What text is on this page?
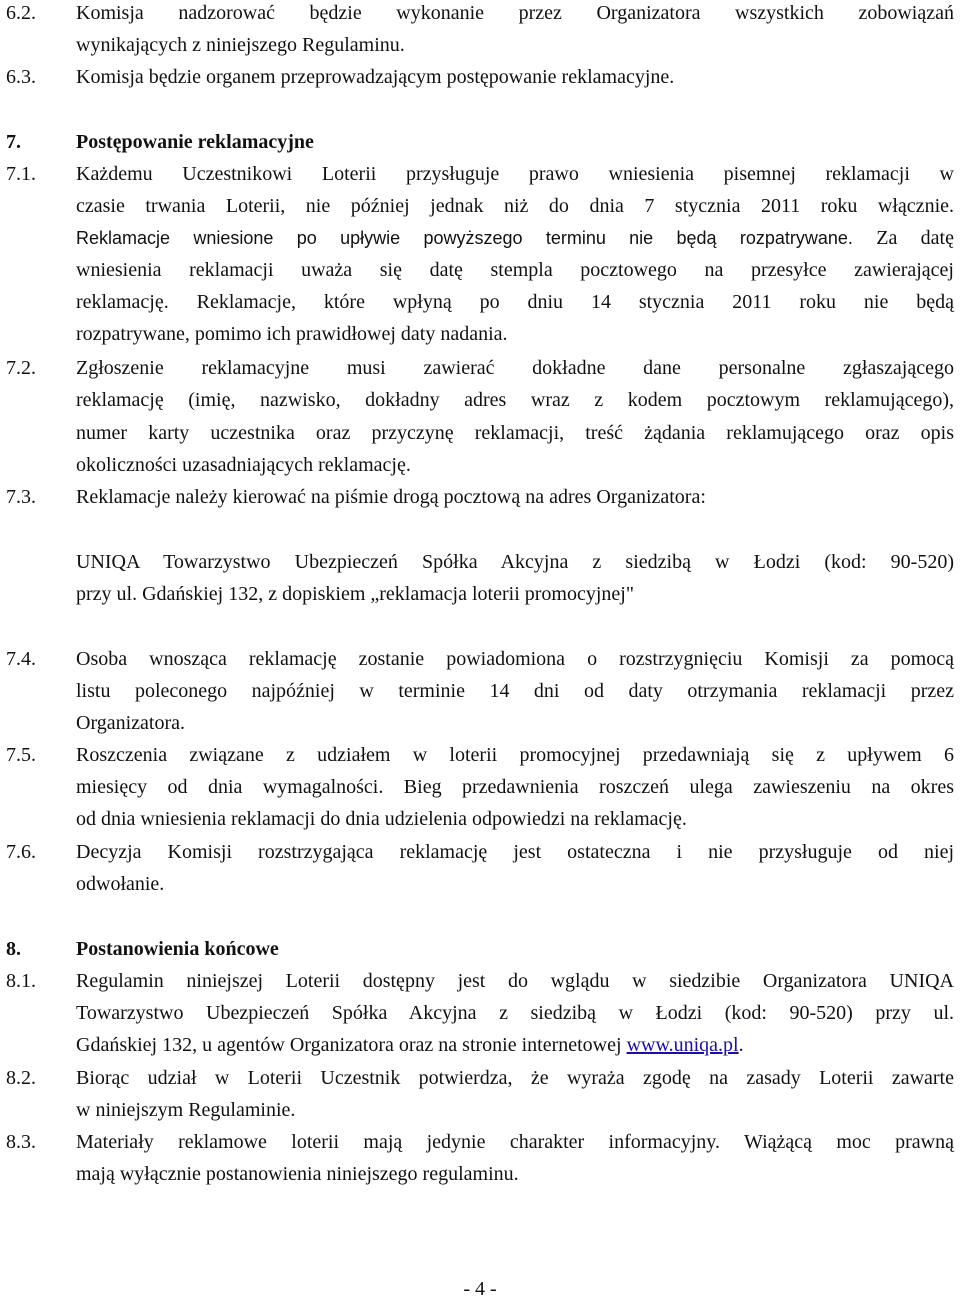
6.2. Komisja nadzorować będzie wykonanie przez Organizatora wszystkich zobowiązań
wynikających z niniejszego Regulaminu.
6.3. Komisja będzie organem przeprowadzającym postępowanie reklamacyjne.
7.	Postępowanie reklamacyjne
7.1. Każdemu Uczestnikowi Loterii przysługuje prawo wniesienia pisemnej reklamacji w
czasie trwania Loterii, nie później jednak niż do dnia 7 stycznia 2011 roku włącznie.
Reklamacje wniesione po upływie powyższego terminu nie będą rozpatrywane. Za datę
wniesienia reklamacji uważa się datę stempla pocztowego na przesyłce zawierającej
reklamację. Reklamacje, które wpłyną po dniu 14 stycznia 2011 roku nie będą
rozpatrywane, pomimo ich prawidłowej daty nadania.
7.2. Zgłoszenie reklamacyjne musi zawierać dokładne dane personalne zgłaszającego
reklamację (imię, nazwisko, dokładny adres wraz z kodem pocztowym reklamującego),
numer karty uczestnika oraz przyczynę reklamacji, treść żądania reklamującego oraz opis
okoliczności uzasadniających reklamację.
7.3. Reklamacje należy kierować na piśmie drogą pocztową na adres Organizatora:
UNIQA Towarzystwo Ubezpieczeń Spółka Akcyjna z siedzibą w Łodzi (kod: 90-520)
przy ul. Gdańskiej 132, z dopiskiem „reklamacja loterii promocyjnej"
7.4. Osoba wnosząca reklamację zostanie powiadomiona o rozstrzygnięciu Komisji za pomocą
listu poleconego najpóźniej w terminie 14 dni od daty otrzymania reklamacji przez
Organizatora.
7.5. Roszczenia związane z udziałem w loterii promocyjnej przedawniają się z upływem 6
miesięcy od dnia wymagalności. Bieg przedawnienia roszczeń ulega zawieszeniu na okres
od dnia wniesienia reklamacji do dnia udzielenia odpowiedzi na reklamację.
7.6. Decyzja Komisji rozstrzygająca reklamację jest ostateczna i nie przysługuje od niej
odwołanie.
8.	Postanowienia końcowe
8.1. Regulamin niniejszej Loterii dostępny jest do wglądu w siedzibie Organizatora UNIQA
Towarzystwo Ubezpieczeń Spółka Akcyjna z siedzibą w Łodzi (kod: 90-520) przy ul.
Gdańskiej 132, u agentów Organizatora oraz na stronie internetowej www.uniqa.pl.
8.2. Biorąc udział w Loterii Uczestnik potwierdza, że wyraża zgodę na zasady Loterii zawarte
w niniejszym Regulaminie.
8.3. Materiały reklamowe loterii mają jedynie charakter informacyjny. Wiążącą moc prawną
mają wyłącznie postanowienia niniejszego regulaminu.
- 4 -
